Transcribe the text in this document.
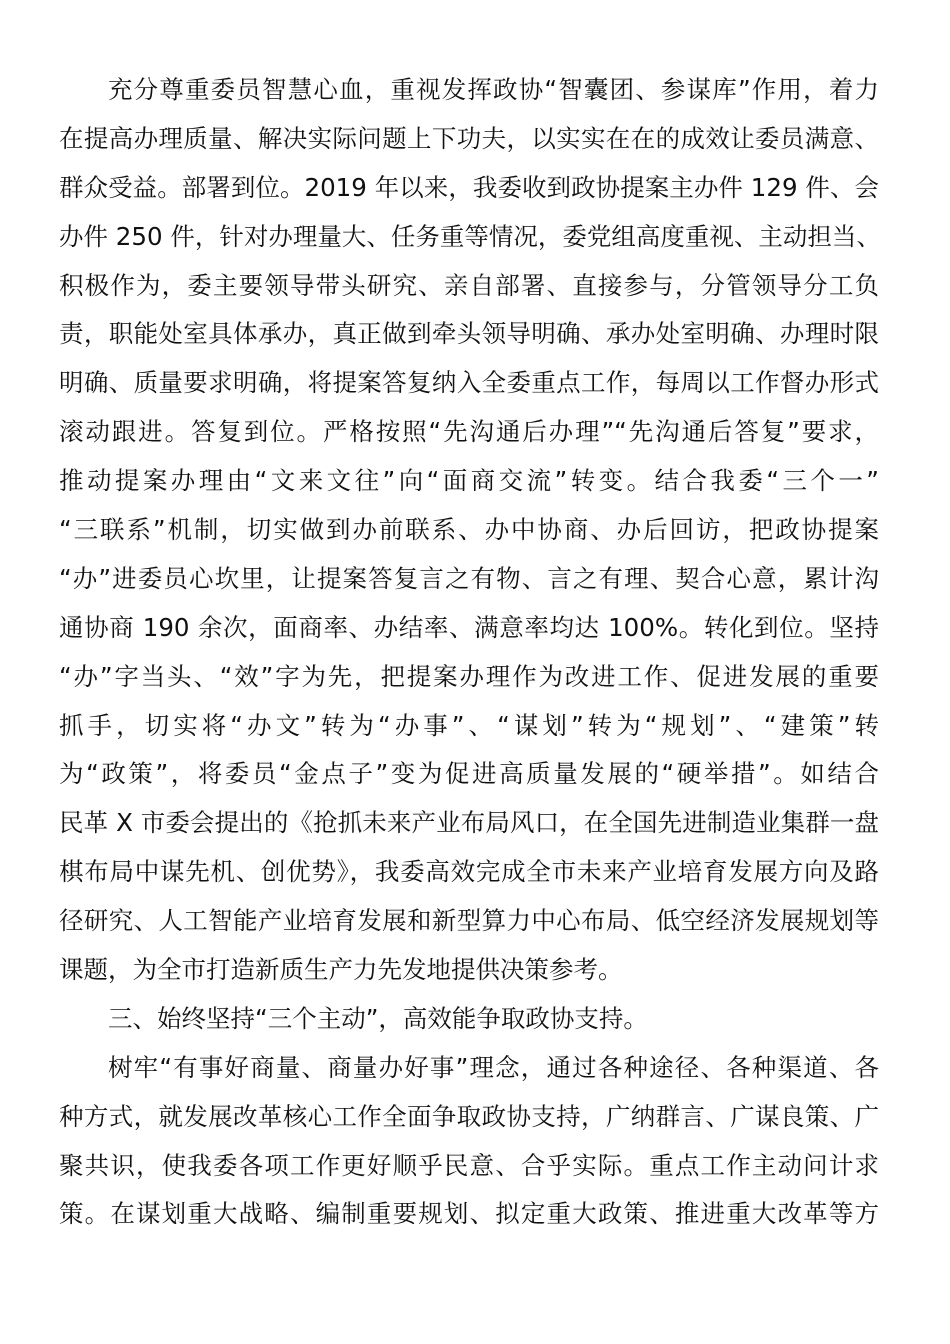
充分尊重委员智慧心血，重视发挥政协“智囊团、参谋库”作用，着力
在提高办理质量、解决实际问题上下功夫，以实实在在的成效让委员满意、
群众受益。部署到位。2019 年以来，我委收到政协提案主办件 129 件、会
办件 250 件，针对办理量大、任务重等情况，委党组高度重视、主动担当、
积极作为，委主要领导带头研究、亲自部署、直接参与，分管领导分工负
责，职能处室具体承办，真正做到牵头领导明确、承办处室明确、办理时限
明确、质量要求明确，将提案答复纳入全委重点工作，每周以工作督办形式
滚动跟进。答复到位。严格按照“先沟通后办理”“先沟通后答复”要求，
推动提案办理由“文来文往”向“面商交流”转变。结合我委“三个一”
“三联系”机制，切实做到办前联系、办中协商、办后回访，把政协提案
“办”进委员心坎里，让提案答复言之有物、言之有理、契合心意，累计沟
通协商 190 余次，面商率、办结率、满意率均达 100%。转化到位。坚持
“办”字当头、“效”字为先，把提案办理作为改进工作、促进发展的重要
抓手，切实将“办文”转为“办事”、“谋划”转为“规划”、“建策”转
为“政策”，将委员“金点子”变为促进高质量发展的“硬举措”。如结合
民革 X 市委会提出的《抢抓未来产业布局风口，在全国先进制造业集群一盘
棋布局中谋先机、创优势》，我委高效完成全市未来产业培育发展方向及路
径研究、人工智能产业培育发展和新型算力中心布局、低空经济发展规划等
课题，为全市打造新质生产力先发地提供决策参考。
三、始终坚持“三个主动”，高效能争取政协支持。
树牢“有事好商量、商量办好事”理念，通过各种途径、各种渠道、各
种方式，就发展改革核心工作全面争取政协支持，广纳群言、广谋良策、广
聚共识，使我委各项工作更好顺乎民意、合乎实际。重点工作主动问计求
策。在谋划重大战略、编制重要规划、拟定重大政策、推进重大改革等方
